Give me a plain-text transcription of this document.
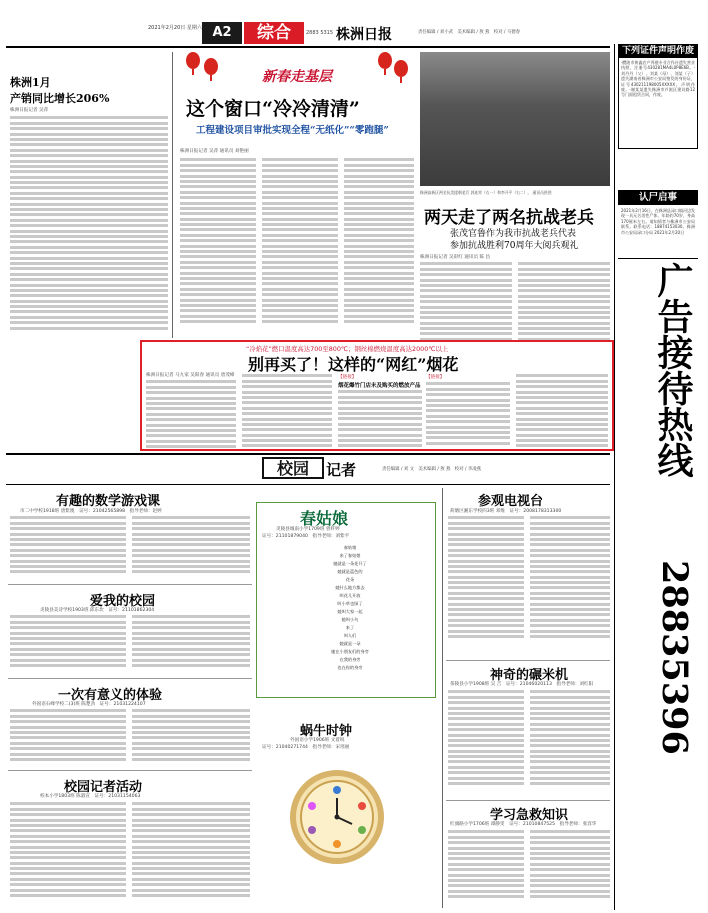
2021年2月20日 星期六 A2	综合	2883 5315 株洲日报	责任编辑 / 刘小武　美术编辑 / 敖 燕　校对 / 马德春
株洲1月
产销同比增长206%
株洲日报记者 吴萍
新春走基层
这个窗口“冷冷清清”
工程建设项目审批实现全程“无纸化”“零跑腿”
株洲日报记者 吴萍 通讯员 刘艳丽
株洲高新区两名抗美援朝老兵 郭连荣（右一）和李开平（右二）。 通讯员供图
两天走了两名抗战老兵
张茂官鲁作为我市抗战老兵代表
参加抗战胜利70周年大阅兵观礼
株洲日报记者 吴彩红 通讯员 陈 昌
“冷焰花”燃口温度高达700至800℃；钢丝棉燃烧温度高达2000℃以上
别再买了！这样的“网红”烟花
株洲日报记者 马九家 吴阳春 通讯员 唐茂峰	【链接】
烟花爆竹门店未及购买的燃放产品
【链接】
校园	记者	责任编辑 / 刘 文　美术编辑 / 敖 燕　校对 / 李凌燕
有趣的数学游戏课
市二中学校1918班 唐紫澳　证号：21042565898　指导老师：赵婷
爱我的校园
炎陵县美诗学校1903班 邱东坎　证号：21101862304
一次有意义的体验
外国语石峰学校二(3)班 陈楚劲　证号：21031224107
校园记者活动
校本小学1803班 陈淑宣　证号：21031154063
春姑娘
炎陵县城南小学1709班 曾纤婷
证号：21101879040　指导老师：刘紫平
春姑娘
来了春姑娘
她就是一朵花开了
她就是蓝色的
花朵
她什么地方都去
叫花儿开放
叫小草也绿了
她叫大家一起
她叫小鸟
来了
叫人们
她就是一朵
她在小朋友们的身旁
在我的身旁
也在你的身旁
蜗牛时钟
外国语小学1906班 文着锐
证号：21040271744　指导老师：宋瑶丽
参观电视台
荷塘区湘东学校四3班 邓维　证号：2008178313300
神奇的碾米机
茶陵县小学1908班 吴 吉　证号：21046020113　指导老师：刘红阳
学习急救知识
红旗路小学1706班 谭静雯　证号：21010847525　指导老师：张容华
下列证件声明作废
·醴陵市黄鑫农产养殖专业合作社遗失营业执照，注册号430281MA4L0P8E6B。·刘丹丹（父）、刘某（母）、刘某（子）遗失湖南省株洲市公安局签发的身份证，证号430211198005XXXXX，声明作废。·谢某某遗失株洲市芦淞区建设路12号门面租赁合同，作废。
认尸启事
2021年2月16日，在株洲县渌口镇河边发现一具无名男性尸体，年龄约70岁，身高170厘米左右。请知情者与株洲市公安局联系。联系电话：18874153030。株洲市公安局渌口分局 2021年2月20日
广告接待热线
28835396
